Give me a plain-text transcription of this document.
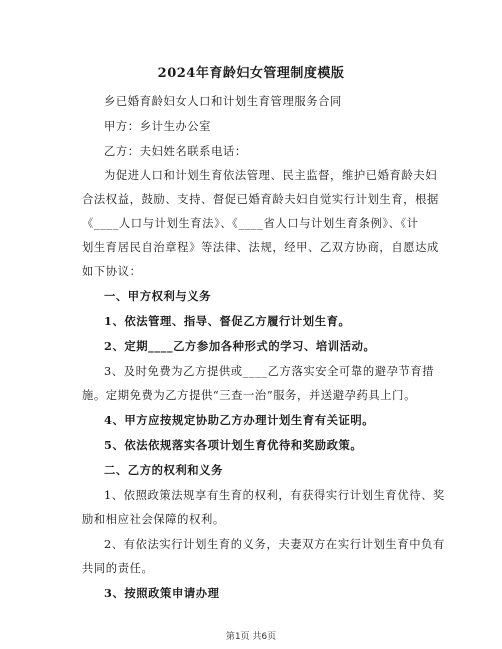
2024年育龄妇女管理制度模版
乡已婚育龄妇女人口和计划生育管理服务合同
甲方：乡计生办公室
乙方：夫妇姓名联系电话：
为促进人口和计划生育依法管理、民主监督，维护已婚育龄夫妇
合法权益，鼓励、支持、督促已婚育龄夫妇自觉实行计划生育，根据
《____人口与计划生育法》、《____省人口与计划生育条例》、《计
划生育居民自治章程》等法律、法规，经甲、乙双方协商，自愿达成
如下协议：
一、甲方权利与义务
1、依法管理、指导、督促乙方履行计划生育。
2、定期____乙方参加各种形式的学习、培训活动。
3、及时免费为乙方提供或____乙方落实安全可靠的避孕节育措
施。定期免费为乙方提供“三查一治”服务，并送避孕药具上门。
4、甲方应按规定协助乙方办理计划生育有关证明。
5、依法依规落实各项计划生育优待和奖励政策。
二、乙方的权利和义务
1、依照政策法规享有生育的权利，有获得实行计划生育优待、奖
励和相应社会保障的权利。
2、有依法实行计划生育的义务，夫妻双方在实行计划生育中负有
共同的责任。
3、按照政策申请办理
第1页 共6页
